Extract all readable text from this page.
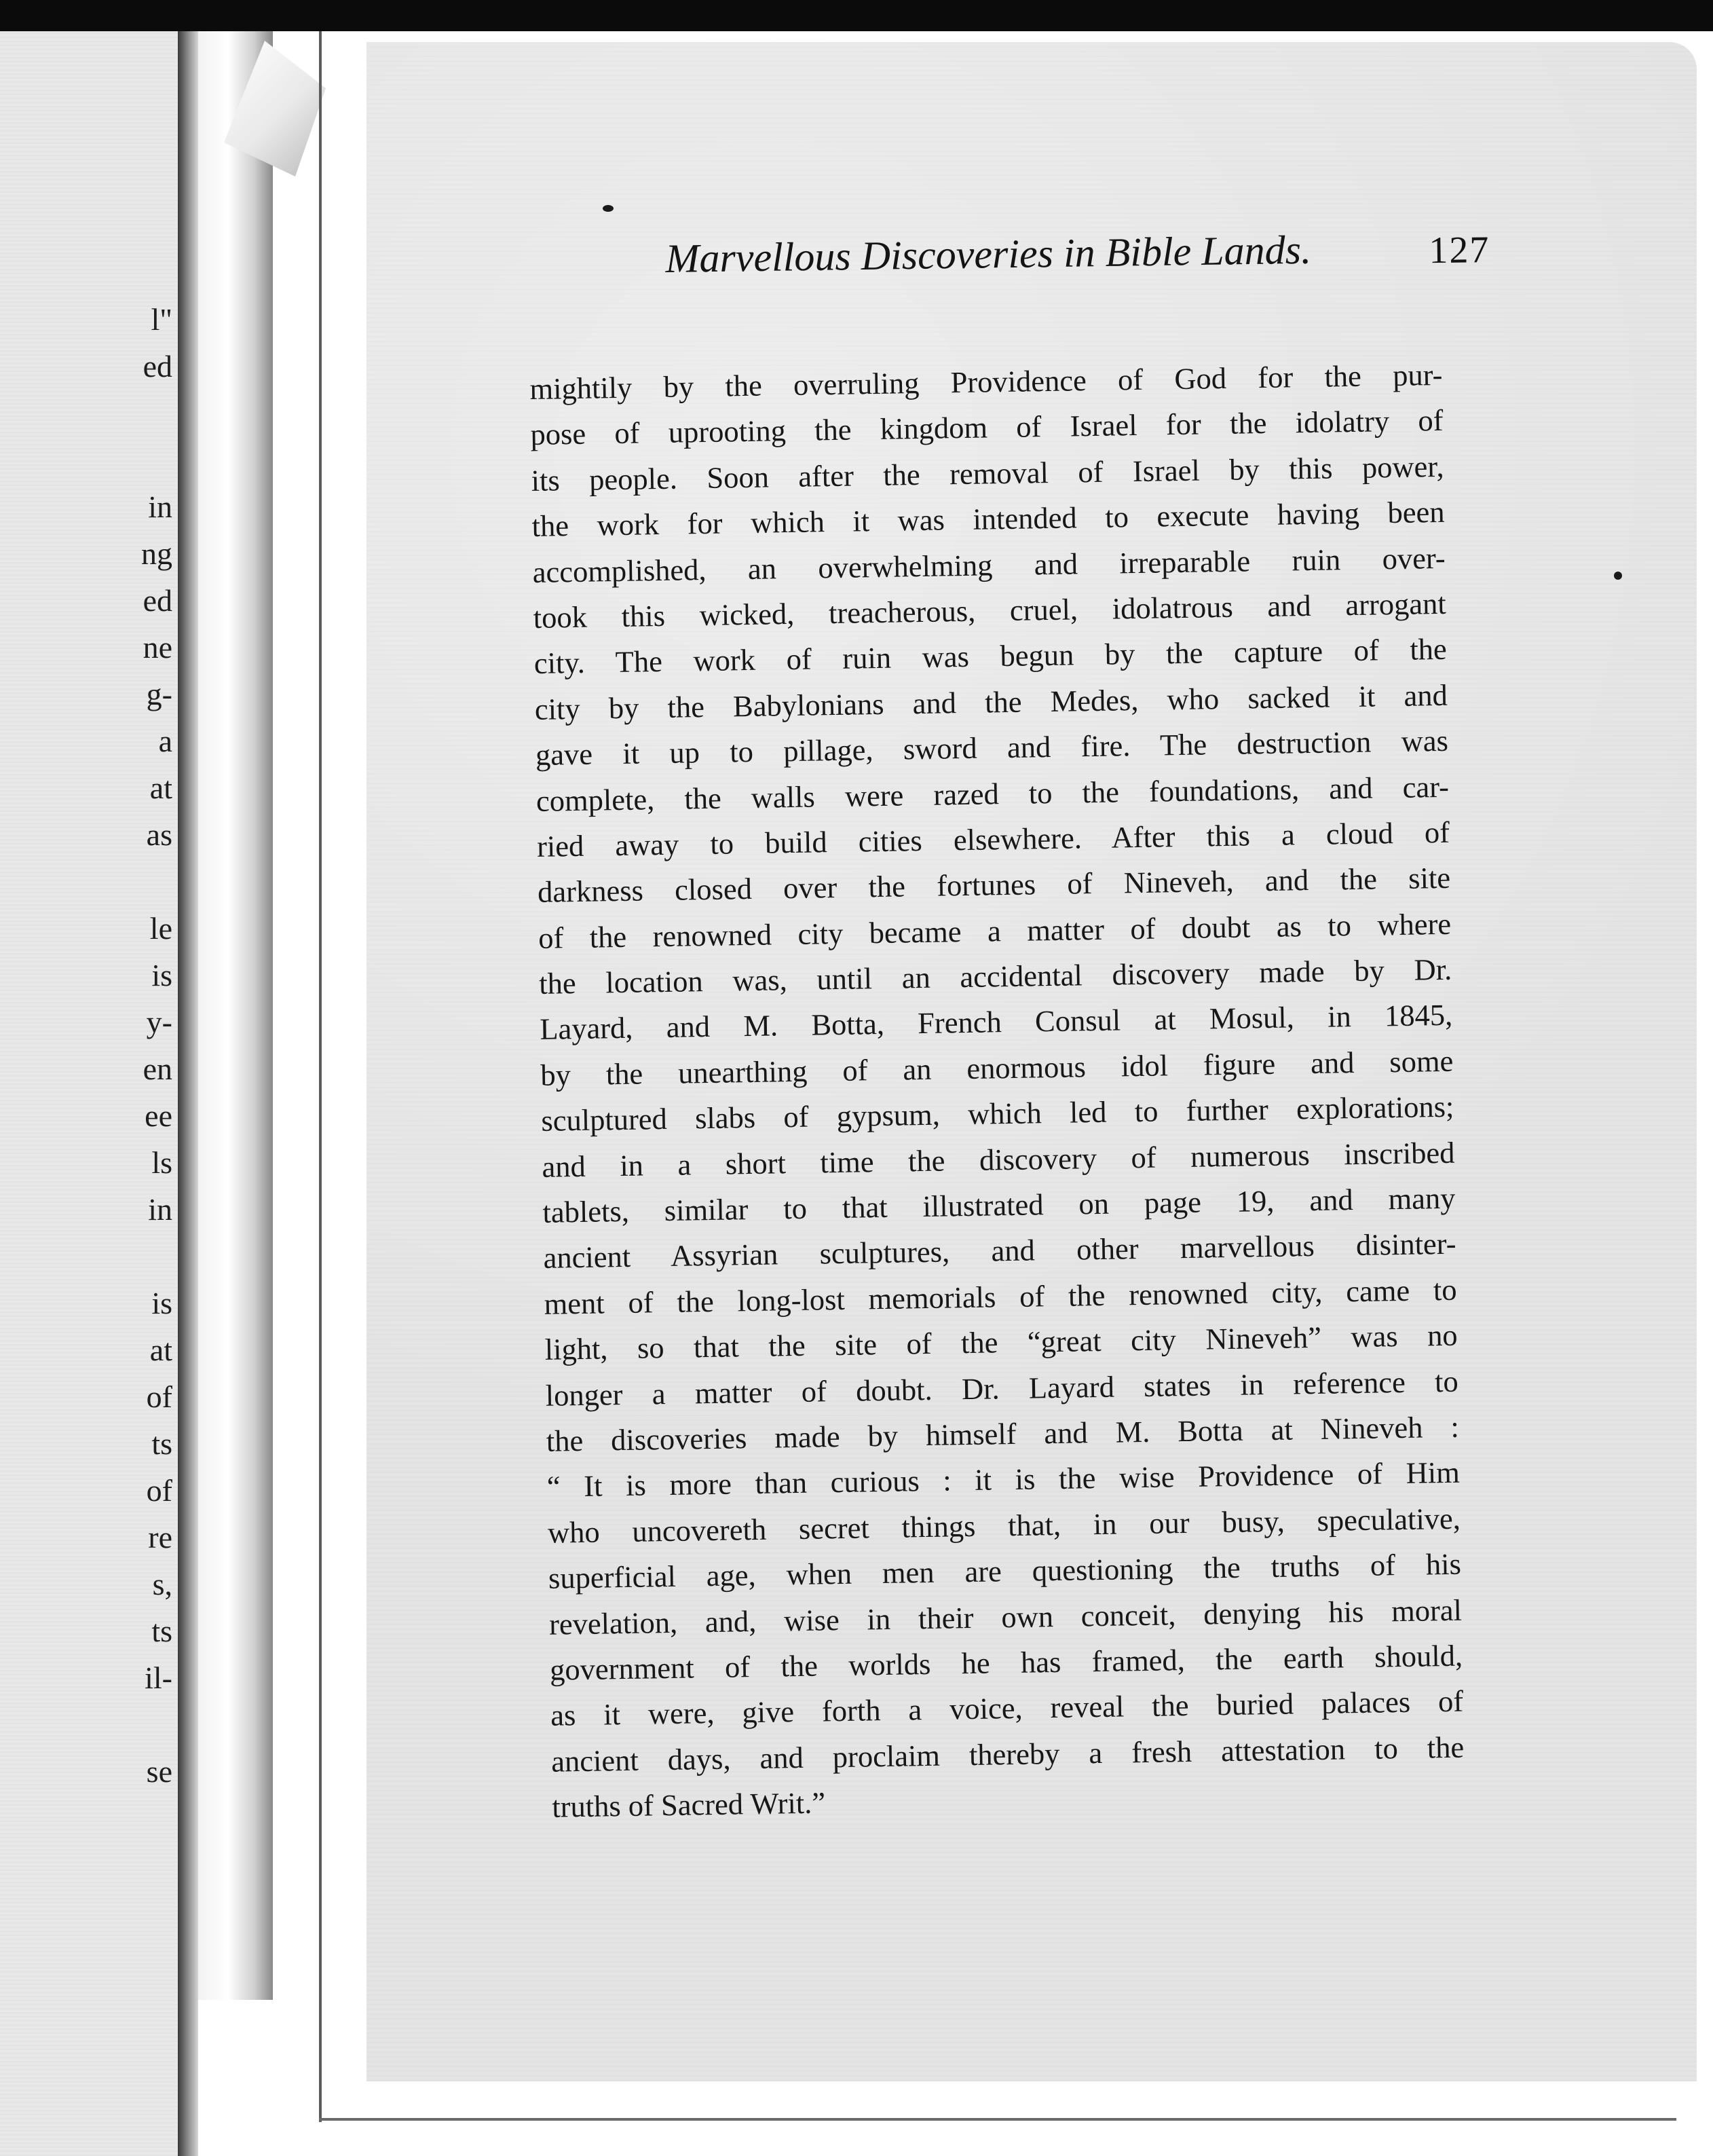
l"
ed
in
ng
ed
ne
g-
a
at
as
le
is
y-
en
ee
ls
in
is
at
of
ts
of
re
s,
ts
il-
se
Marvellous Discoveries in Bible Lands.	127
mightily by the overruling Providence of God for the pur-
pose of uprooting the kingdom of Israel for the idolatry of
its people. Soon after the removal of Israel by this power,
the work for which it was intended to execute having been
accomplished, an overwhelming and irreparable ruin over-
took this wicked, treacherous, cruel, idolatrous and arrogant
city. The work of ruin was begun by the capture of the
city by the Babylonians and the Medes, who sacked it and
gave it up to pillage, sword and fire. The destruction was
complete, the walls were razed to the foundations, and car-
ried away to build cities elsewhere. After this a cloud of
darkness closed over the fortunes of Nineveh, and the site
of the renowned city became a matter of doubt as to where
the location was, until an accidental discovery made by Dr.
Layard, and M. Botta, French Consul at Mosul, in 1845,
by the unearthing of an enormous idol figure and some
sculptured slabs of gypsum, which led to further explorations;
and in a short time the discovery of numerous inscribed
tablets, similar to that illustrated on page 19, and many
ancient Assyrian sculptures, and other marvellous disinter-
ment of the long-lost memorials of the renowned city, came to
light, so that the site of the “great city Nineveh” was no
longer a matter of doubt. Dr. Layard states in reference to
the discoveries made by himself and M. Botta at Nineveh :
“ It is more than curious : it is the wise Providence of Him
who uncovereth secret things that, in our busy, speculative,
superficial age, when men are questioning the truths of his
revelation, and, wise in their own conceit, denying his moral
government of the worlds he has framed, the earth should,
as it were, give forth a voice, reveal the buried palaces of
ancient days, and proclaim thereby a fresh attestation to the
truths of Sacred Writ.”
